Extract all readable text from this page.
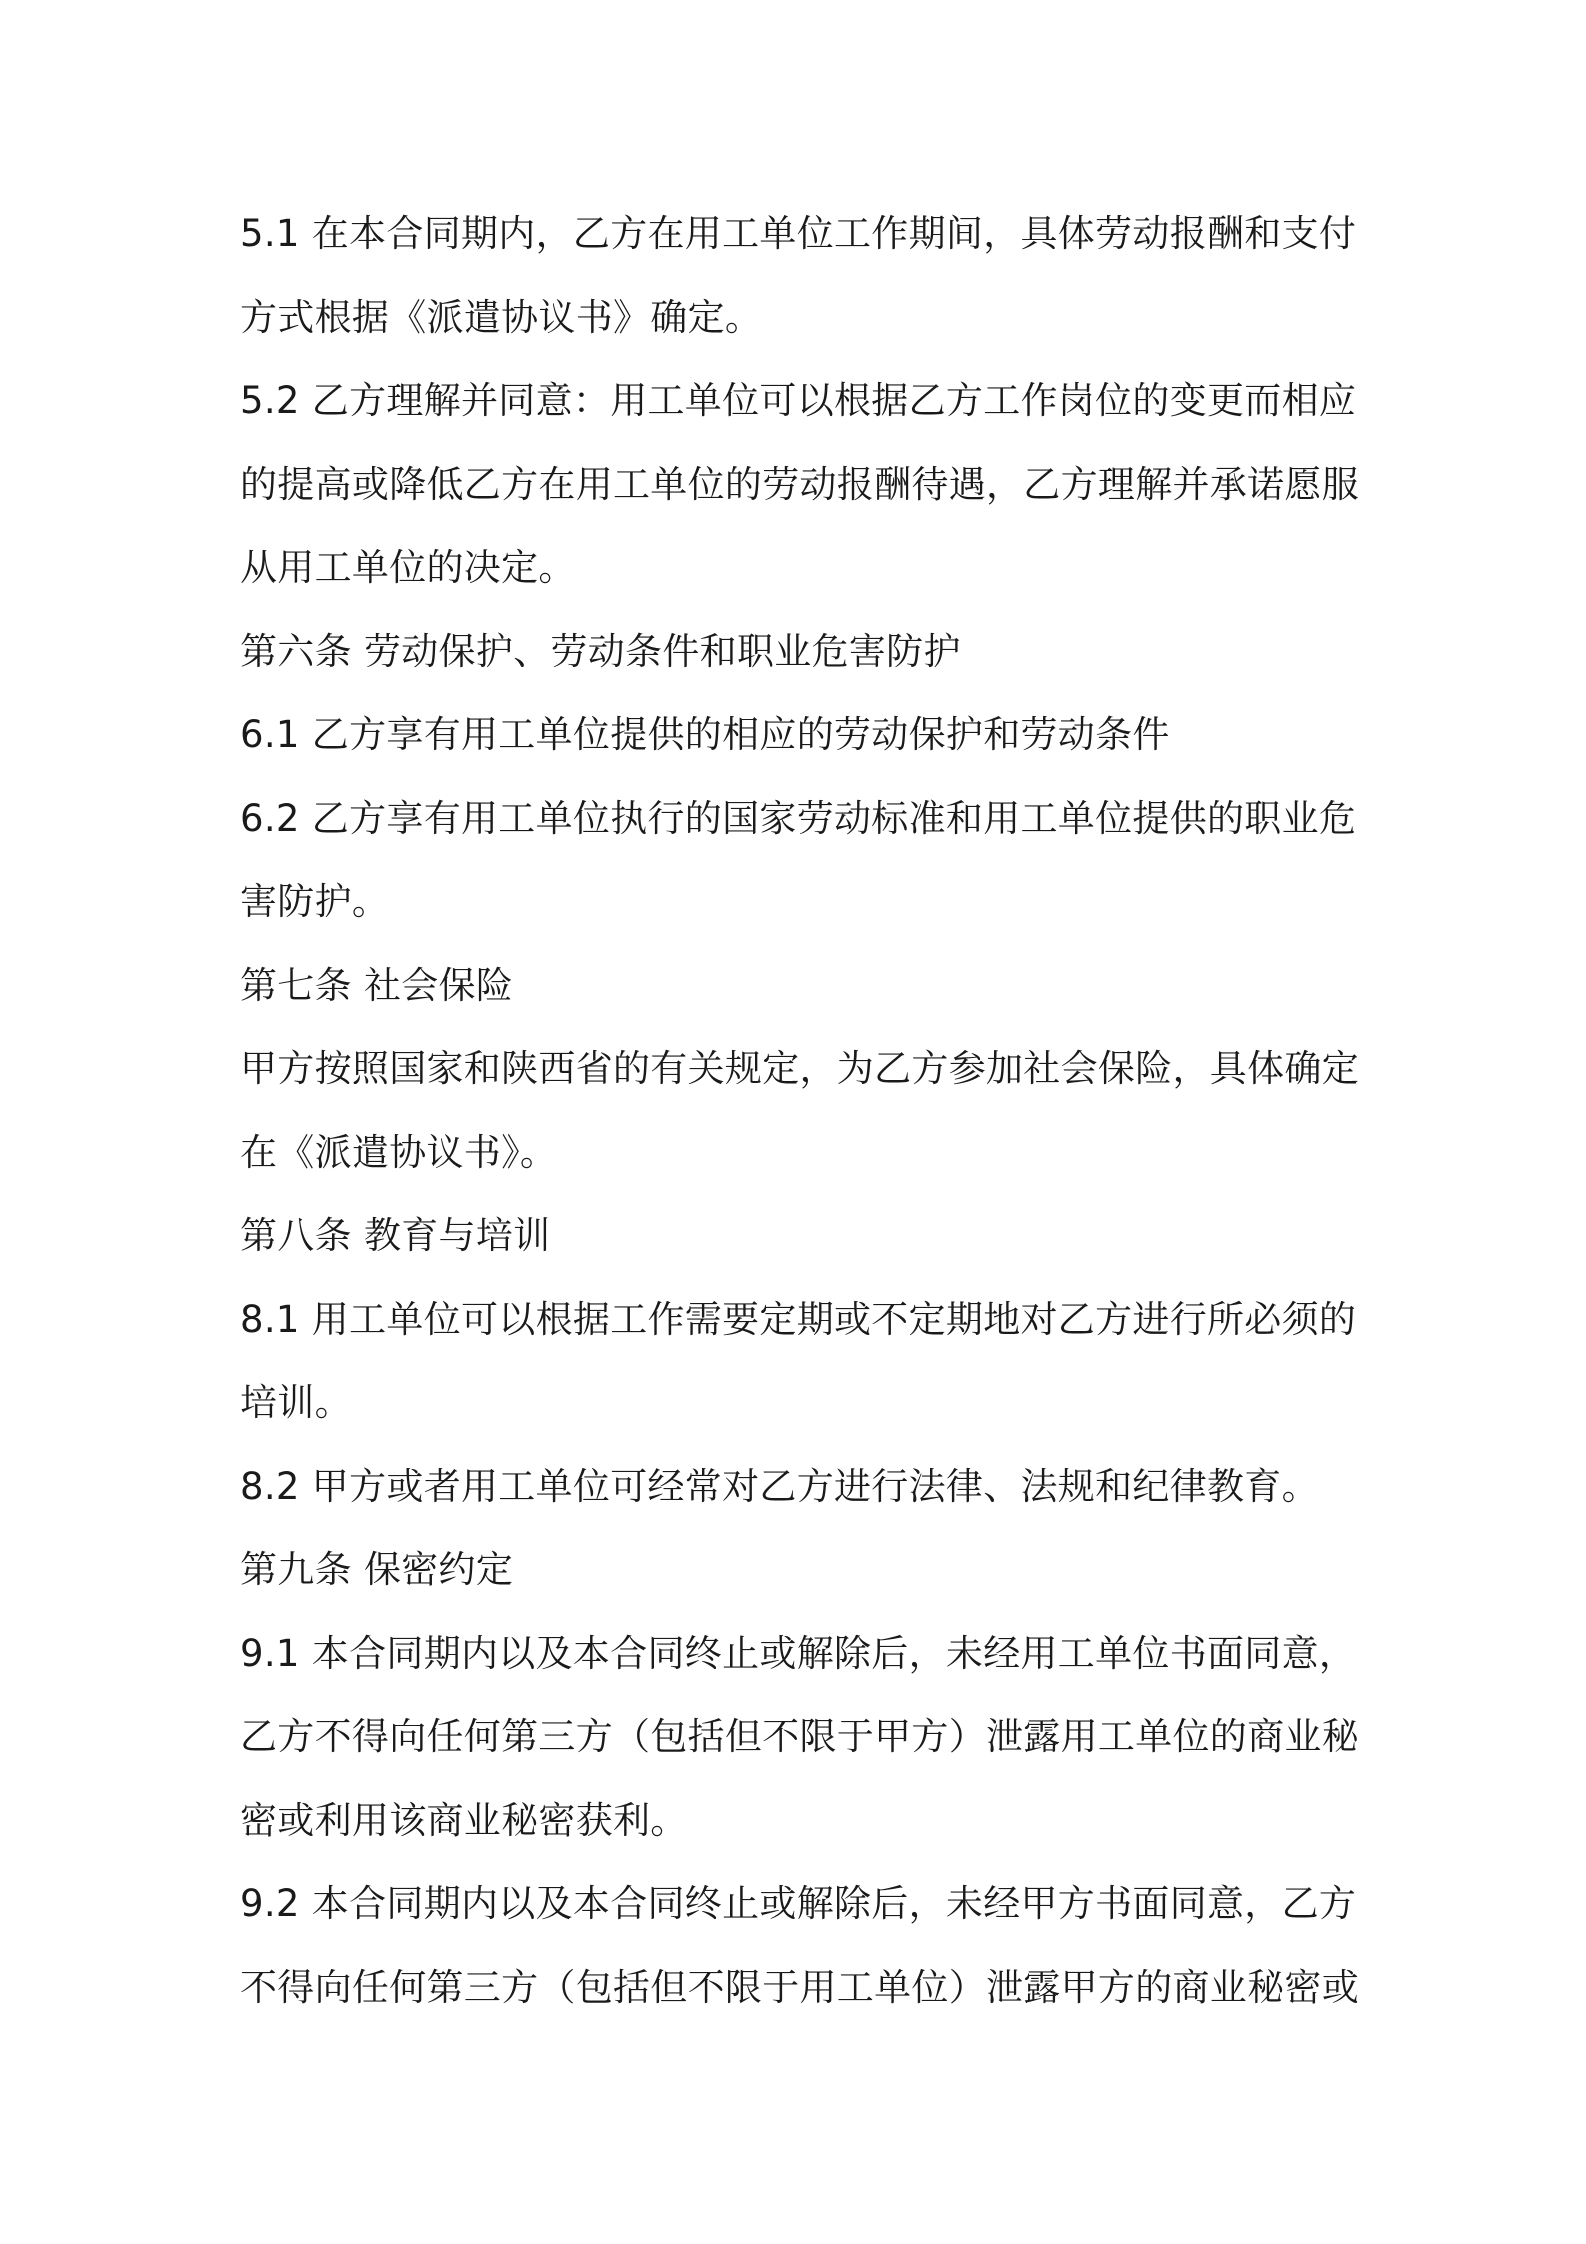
5.1 在本合同期内，乙方在用工单位工作期间，具体劳动报酬和支付
方式根据《派遣协议书》确定。
5.2 乙方理解并同意：用工单位可以根据乙方工作岗位的变更而相应
的提高或降低乙方在用工单位的劳动报酬待遇，乙方理解并承诺愿服
从用工单位的决定。
第六条 劳动保护、劳动条件和职业危害防护
6.1 乙方享有用工单位提供的相应的劳动保护和劳动条件
6.2 乙方享有用工单位执行的国家劳动标准和用工单位提供的职业危
害防护。
第七条 社会保险
甲方按照国家和陕西省的有关规定，为乙方参加社会保险，具体确定
在《派遣协议书》。
第八条 教育与培训
8.1 用工单位可以根据工作需要定期或不定期地对乙方进行所必须的
培训。
8.2 甲方或者用工单位可经常对乙方进行法律、法规和纪律教育。
第九条 保密约定
9.1 本合同期内以及本合同终止或解除后，未经用工单位书面同意，
乙方不得向任何第三方（包括但不限于甲方）泄露用工单位的商业秘
密或利用该商业秘密获利。
9.2 本合同期内以及本合同终止或解除后，未经甲方书面同意，乙方
不得向任何第三方（包括但不限于用工单位）泄露甲方的商业秘密或
